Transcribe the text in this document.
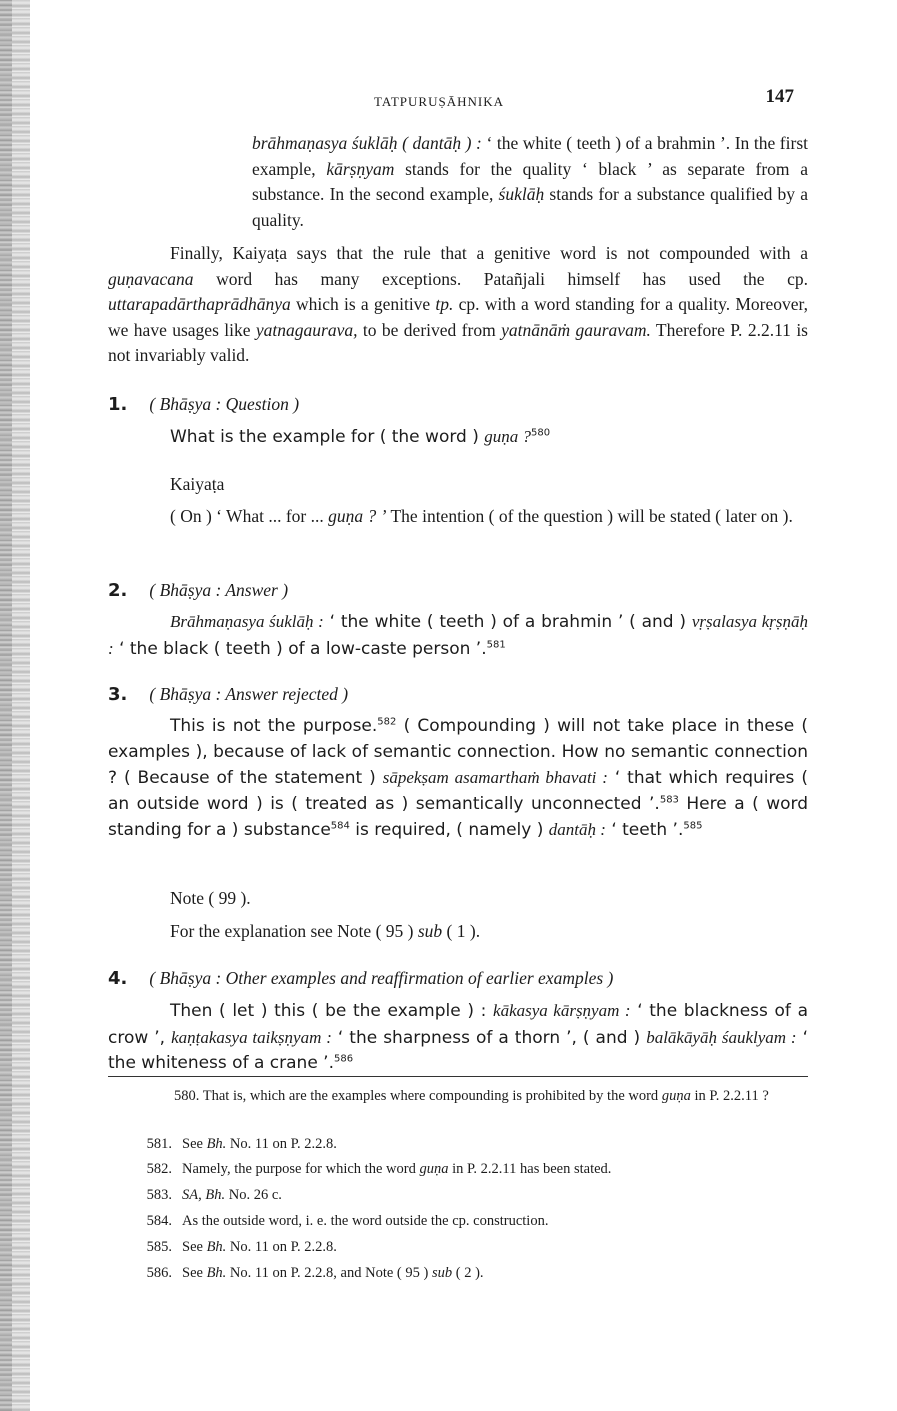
TATPURUṢĀHNIKA	147
brāhmaṇasya śuklāḥ ( dantāḥ ) : ‘ the white ( teeth ) of a brahmin ’. In the first example, kārṣṇyam stands for the quality ‘ black ’ as separate from a substance. In the second example, śuklāḥ stands for a substance qualified by a quality.
Finally, Kaiyaṭa says that the rule that a genitive word is not compounded with a guṇavacana word has many exceptions. Patañjali himself has used the cp. uttarapadārthaprādhānya which is a genitive tp. cp. with a word standing for a quality. Moreover, we have usages like yatnagaurava, to be derived from yatnānāṁ gauravam. Therefore P. 2.2.11 is not invariably valid.
1. ( Bhāṣya : Question )
What is the example for ( the word ) guṇa ?$^{580}$
Kaiyaṭa
( On ) ‘ What ... for ... guṇa ? ’ The intention ( of the question ) will be stated ( later on ).
2. ( Bhāṣya : Answer )
Brāhmaṇasya śuklāḥ : ‘ the white ( teeth ) of a brahmin ’ ( and ) vṛṣalasya kṛṣṇāḥ : ‘ the black ( teeth ) of a low-caste person ’.$^{581}$
3. ( Bhāṣya : Answer rejected )
This is not the purpose.$^{582}$ ( Compounding ) will not take place in these ( examples ), because of lack of semantic connection. How no semantic connection ? ( Because of the statement ) sāpekṣam asamarthaṁ bhavati : ‘ that which requires ( an outside word ) is ( treated as ) semantically unconnected ’.$^{583}$ Here a ( word standing for a ) substance$^{584}$ is required, ( namely ) dantāḥ : ‘ teeth ’.$^{585}$
Note ( 99 ).
For the explanation see Note ( 95 ) sub ( 1 ).
4. ( Bhāṣya : Other examples and reaffirmation of earlier examples )
Then ( let ) this ( be the example ) : kākasya kārṣṇyam : ‘ the blackness of a crow ’, kaṇṭakasya taikṣṇyam : ‘ the sharpness of a thorn ’, ( and ) balākāyāḥ śauklyam : ‘ the whiteness of a crane ’.$^{586}$
580. That is, which are the examples where compounding is prohibited by the word guṇa in P. 2.2.11 ?
581. See Bh. No. 11 on P. 2.2.8.
582. Namely, the purpose for which the word guṇa in P. 2.2.11 has been stated.
583. SA, Bh. No. 26 c.
584. As the outside word, i. e. the word outside the cp. construction.
585. See Bh. No. 11 on P. 2.2.8.
586. See Bh. No. 11 on P. 2.2.8, and Note ( 95 ) sub ( 2 ).
